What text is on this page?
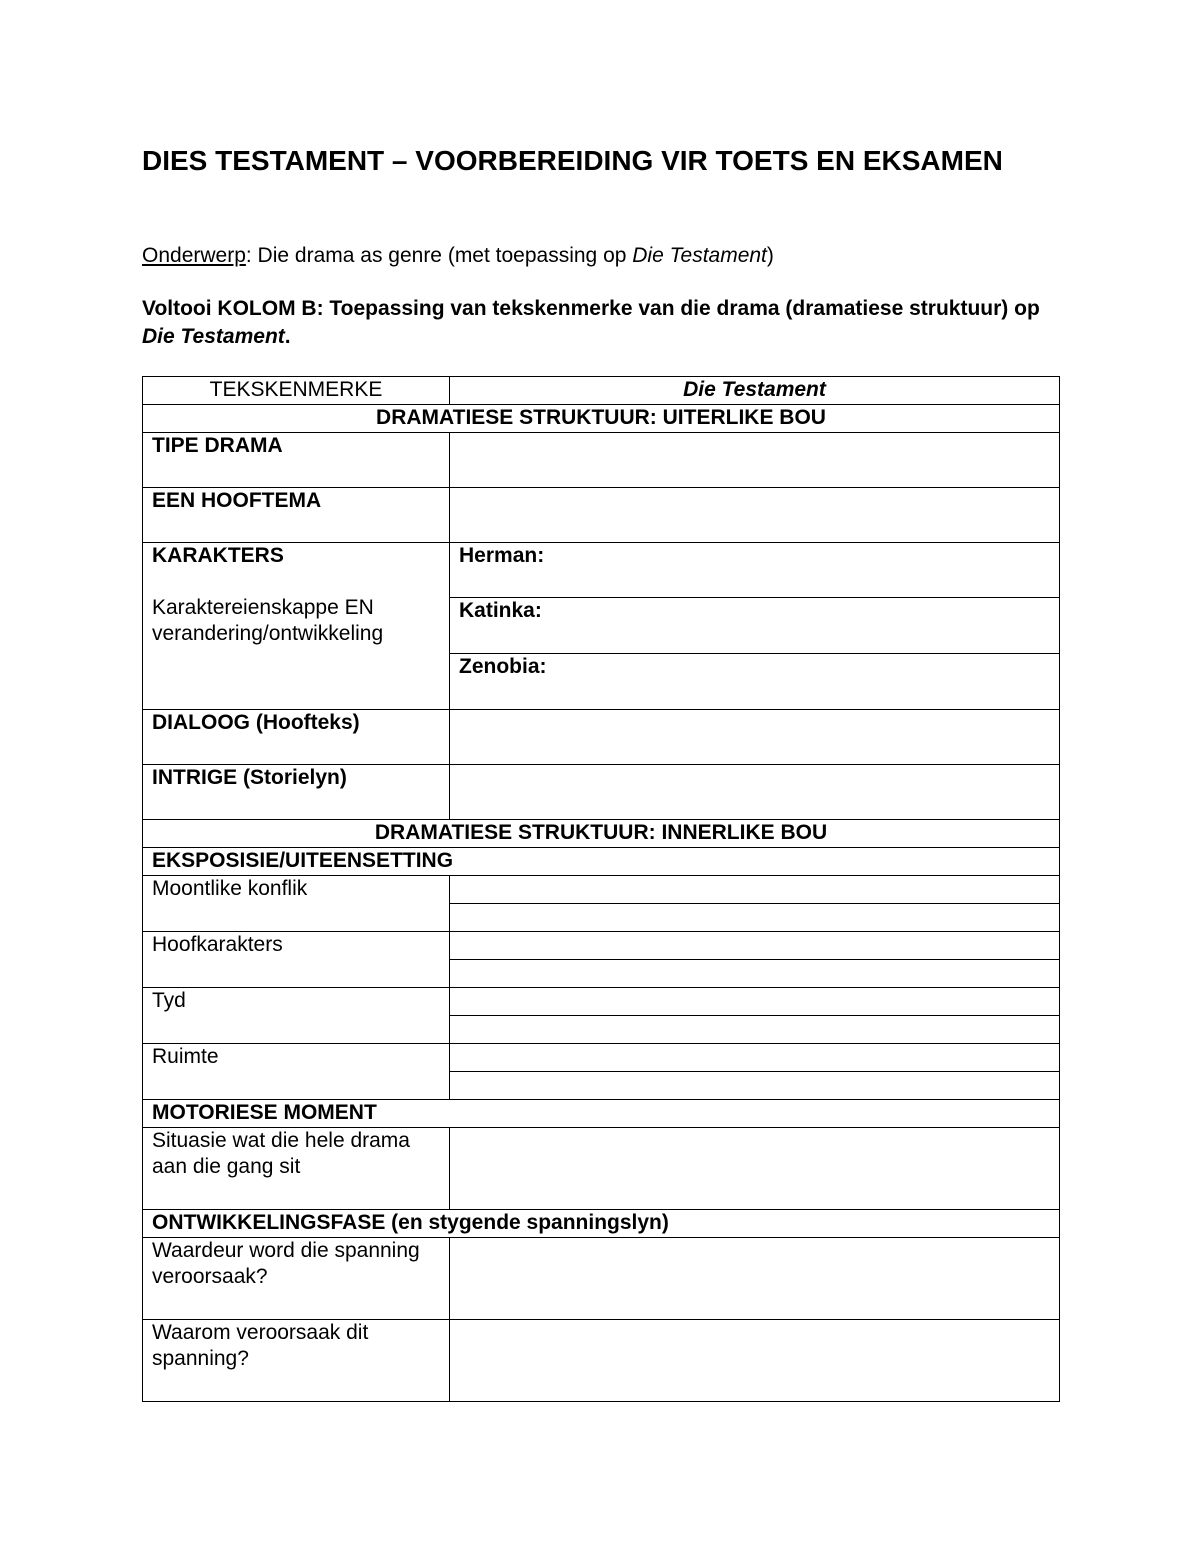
DIES TESTAMENT – VOORBEREIDING VIR TOETS EN EKSAMEN

Onderwerp: Die drama as genre (met toepassing op Die Testament)

Voltooi KOLOM B: Toepassing van tekskenmerke van die drama (dramatiese struktuur) op Die Testament.

TEKSKENMERKE	Die Testament
DRAMATIESE STRUKTUUR: UITERLIKE BOU	
TIPE DRAMA	
EEN HOOFTEMA	
KARAKTERS
Karaktereienskappe EN verandering/ontwikkeling	Herman:
	Katinka:
	Zenobia:
DIALOOG (Hoofteks)	
INTRIGE (Storielyn)	
DRAMATIESE STRUKTUUR: INNERLIKE BOU	
EKSPOSISIE/UITEENSETTING	
Moontlike konflik	

Hoofkarakters	

Tyd	

Ruimte	

MOTORIESE MOMENT	
Situasie wat die hele drama aan die gang sit	
ONTWIKKELINGSFASE (en stygende spanningslyn)	
Waardeur word die spanning veroorsaak?	
Waarom veroorsaak dit spanning?	
